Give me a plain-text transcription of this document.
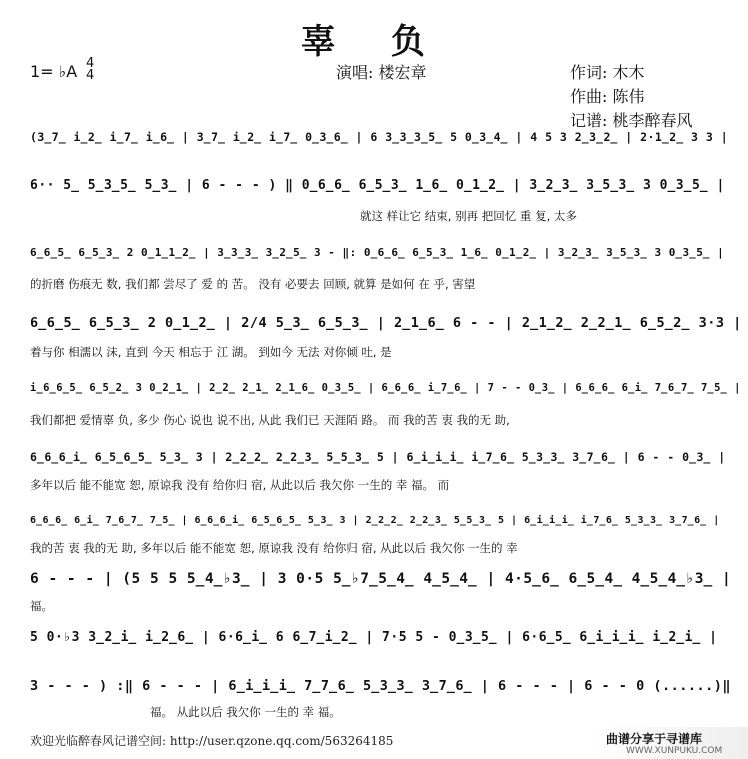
辜 负
1= ♭A 4
4	演唱: 楼宏章	作词: 木木
作曲: 陈伟
记谱: 桃李醉春风
(3̲7̲ i̲2̲ i̲7̲ i̲6̲ | 3̲7̲ i̲2̲ i̲7̲ 0̲3̲6̲ | 6 3̲3̲3̲5̲ 5 0̲3̲4̲ | 4 5 3 2̲3̲2̲ | 2·1̲2̲ 3 3 |
6·· 5̲ 5̲3̲5̲ 5̲3̲ | 6 - - - ) ‖ 0̲6̲6̲ 6̲5̲3̲ 1̲6̲ 0̲1̲2̲ | 3̲2̲3̲ 3̲5̲3̲ 3 0̲3̲5̲ |
就这 样让它 结束, 别再 把回忆 重 复, 太多
6̲6̲5̲ 6̲5̲3̲ 2 0̲1̲1̲2̲ | 3̲3̲3̲ 3̲2̲5̲ 3 - ‖: 0̲6̲6̲ 6̲5̲3̲ 1̲6̲ 0̲1̲2̲ | 3̲2̲3̲ 3̲5̲3̲ 3 0̲3̲5̲ |
的折磨 伤痕无 数, 我们都 尝尽了 爱 的 苦。 没有 必要去 回顾, 就算 是如何 在 乎, 害望
6̲6̲5̲ 6̲5̲3̲ 2 0̲1̲2̲ | 2/4 5̲3̲ 6̲5̲3̲ | 2̲1̲6̲ 6 - - | 2̲1̲2̲ 2̲2̲1̲ 6̲5̲2̲ 3·3 |
着与你 相濡以 沫, 直到 今天 相忘于 江 湖。 到如今 无法 对你倾 吐, 是
i̲6̲6̲5̲ 6̲5̲2̲ 3 0̲2̲1̲ | 2̲2̲ 2̲1̲ 2̲1̲6̲ 0̲3̲5̲ | 6̲6̲6̲ i̲7̲6̲ | 7 - - 0̲3̲ | 6̲6̲6̲ 6̲i̲ 7̲6̲7̲ 7̲5̲ |
我们都把 爱情辜 负, 多少 伤心 说也 说不出, 从此 我们已 天涯陌 路。 而 我的苦 衷 我的无 助,
6̲6̲6̲i̲ 6̲5̲6̲5̲ 5̲3̲ 3 | 2̲2̲2̲ 2̲2̲3̲ 5̲5̲3̲ 5 | 6̲i̲i̲i̲ i̲7̲6̲ 5̲3̲3̲ 3̲7̲6̲ | 6 - - 0̲3̲ |
多年以后 能不能宽 恕, 原谅我 没有 给你归 宿, 从此以后 我欠你 一生的 幸 福。 而
6̲6̲6̲ 6̲i̲ 7̲6̲7̲ 7̲5̲ | 6̲6̲6̲i̲ 6̲5̲6̲5̲ 5̲3̲ 3 | 2̲2̲2̲ 2̲2̲3̲ 5̲5̲3̲ 5 | 6̲i̲i̲i̲ i̲7̲6̲ 5̲3̲3̲ 3̲7̲6̲ |
我的苦 衷 我的无 助, 多年以后 能不能宽 恕, 原谅我 没有 给你归 宿, 从此以后 我欠你 一生的 幸
6 - - - | (5 5 5 5̲4̲♭3̲ | 3 0·5 5̲♭7̲5̲4̲ 4̲5̲4̲ | 4·5̲6̲ 6̲5̲4̲ 4̲5̲4̲♭3̲ |
福。
5 0·♭3 3̲2̲i̲ i̲2̲6̲ | 6·6̲i̲ 6 6̲7̲i̲2̲ | 7·5 5 - 0̲3̲5̲ | 6·6̲5̲ 6̲i̲i̲i̲ i̲2̲i̲ |
3 - - - ) :‖ 6 - - - | 6̲i̲i̲i̲ 7̲7̲6̲ 5̲3̲3̲ 3̲7̲6̲ | 6 - - - | 6 - - 0 (......)‖
福。 从此以后 我欠你 一生的 幸 福。
欢迎光临醉春风记谱空间: http://user.qzone.qq.com/563264185	曲谱分享于寻谱库
WWW.XUNPUKU.COM
